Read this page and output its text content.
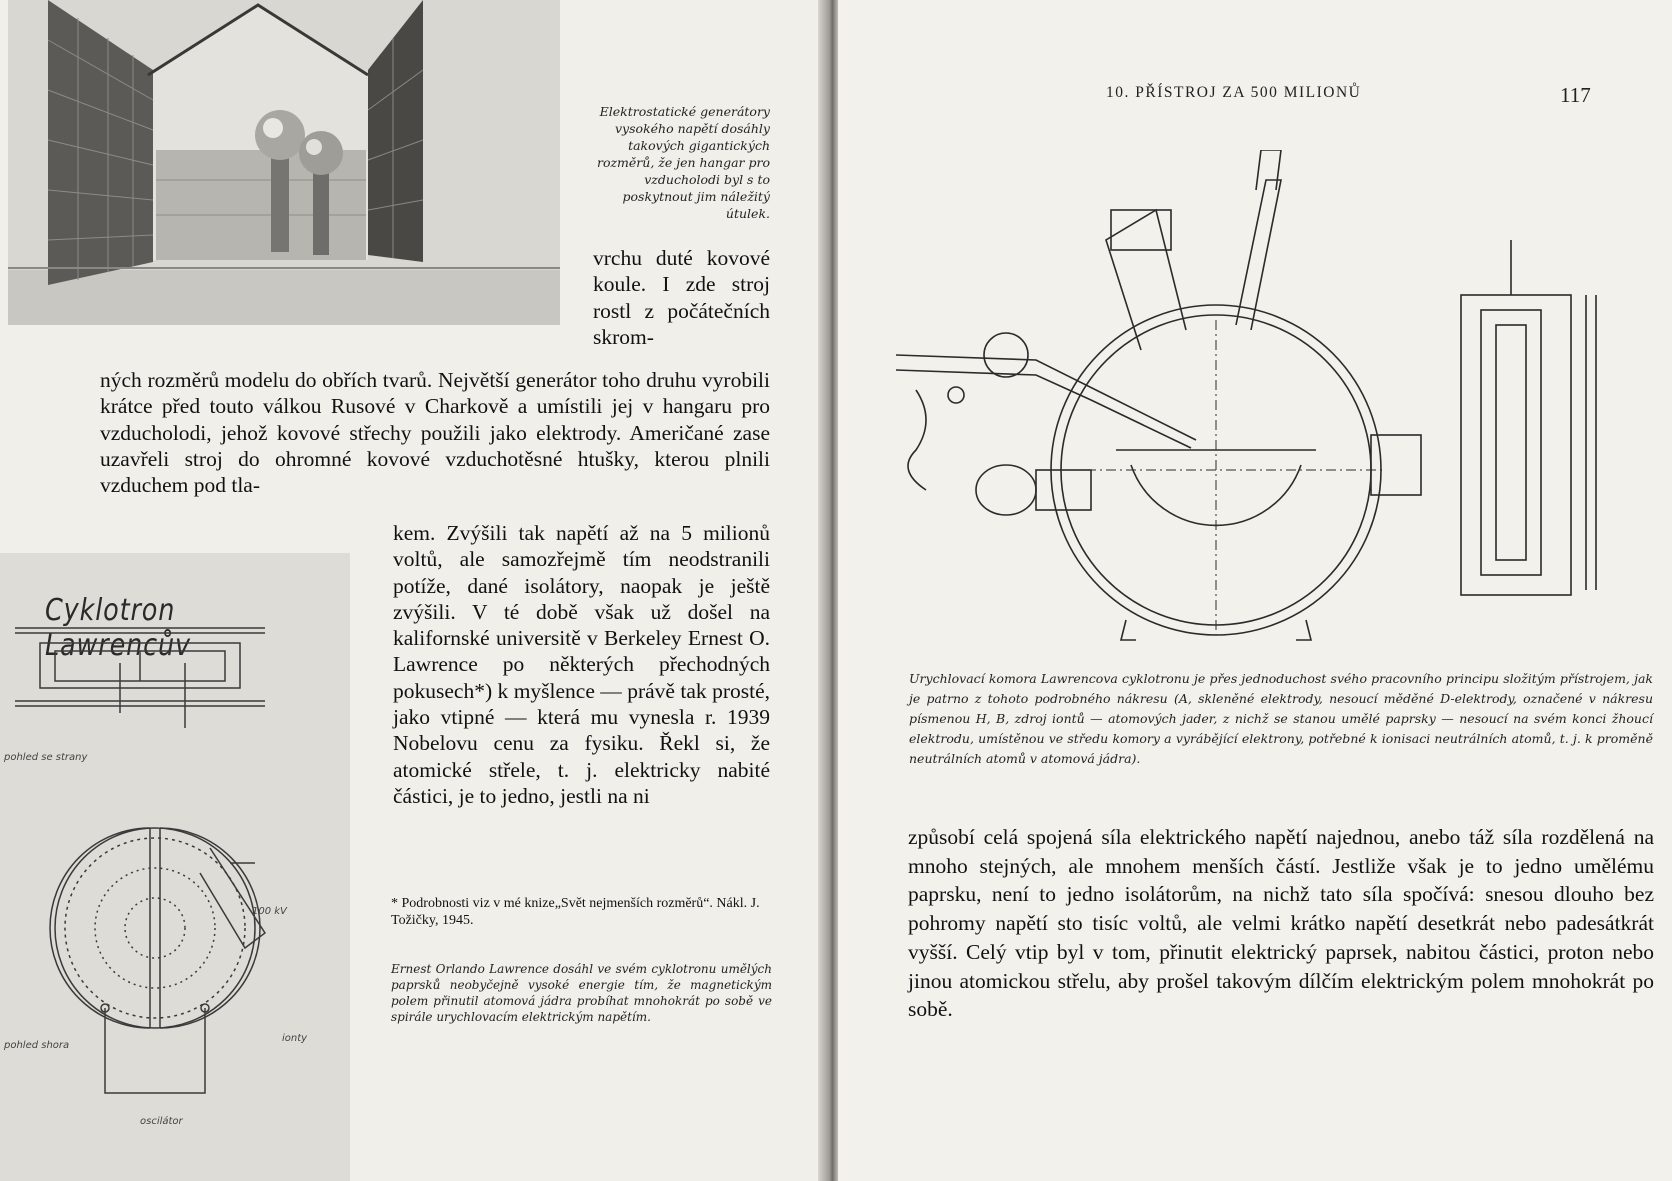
Elektrostatické generátory vysokého napětí dosáhly takových gigantických rozměrů, že jen hangar pro vzducholodi byl s to poskytnout jim náležitý útulek.

vrchu duté kovové koule. I zde stroj rostl z počátečních skrom-

ných rozměrů modelu do obřích tvarů. Největší generátor toho druhu vyrobili krátce před touto válkou Rusové v Charkově a umístili jej v hangaru pro vzducholodi, jehož kovové střechy použili jako elektrody. Američané zase uzavřeli stroj do ohromné kovové vzduchotěsné htušky, kterou plnili vzduchem pod tla-

kem. Zvýšili tak napětí až na 5 milionů voltů, ale samozřejmě tím neodstranili potíže, dané isolátory, naopak je ještě zvýšili. V té době však už došel na kalifornské universitě v Berkeley Ernest O. Lawrence po některých přechodných pokusech*) k myšlence — právě tak prosté, jako vtipné — která mu vynesla r. 1939 Nobelovu cenu za fysiku. Řekl si, že atomické střele, t. j. elektricky nabité částici, je to jedno, jestli na ni

Cyklotron Lawrencův
pohled se strany
100 kV
pohled shora
ionty
oscilátor
* Podrobnosti viz v mé knize„Svět nejmenších rozměrů“. Nákl. J. Tožičky, 1945.
Ernest Orlando Lawrence dosáhl ve svém cyklotronu umělých paprsků neobyčejně vysoké energie tím, že magnetickým polem přinutil atomová jádra probíhat mnohokrát po sobě ve spirále urychlovacím elektrickým napětím.
10. PŘÍSTROJ ZA 500 MILIONŮ	117
Urychlovací komora Lawrencova cyklotronu je přes jednoduchost svého pracovního principu složitým přístrojem, jak je patrno z tohoto podrobného nákresu (A, skleněné elektrody, nesoucí měděné D-elektrody, označené v nákresu písmenou H, B, zdroj iontů — atomových jader, z nichž se stanou umělé paprsky — nesoucí na svém konci žhoucí elektrodu, umístěnou ve středu komory a vyrábějící elektrony, potřebné k ionisaci neutrálních atomů, t. j. k proměně neutrálních atomů v atomová jádra).

způsobí celá spojená síla elektrického napětí najednou, anebo táž síla rozdělená na mnoho stejných, ale mnohem menších částí. Jestliže však je to jedno umělému paprsku, není to jedno isolátorům, na nichž tato síla spočívá: snesou dlouho bez pohromy napětí sto tisíc voltů, ale velmi krátko napětí desetkrát nebo padesátkrát vyšší. Celý vtip byl v tom, přinutit elektrický paprsek, nabitou částici, proton nebo jinou atomickou střelu, aby prošel takovým dílčím elektrickým polem mnohokrát po sobě.
